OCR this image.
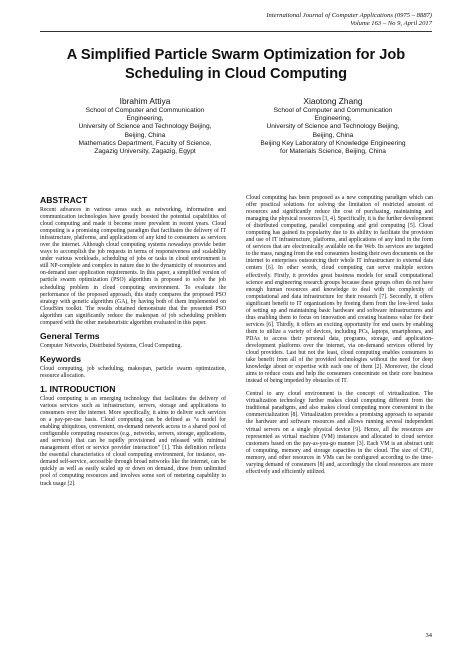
International Journal of Computer Applications (0975 – 8887)
Volume 163 – No 9, April 2017
A Simplified Particle Swarm Optimization for Job
Scheduling in Cloud Computing
Ibrahim Attiya
School of Computer and Communication
Engineering,
University of Science and Technology Beijing,
Beijing, China
Mathematics Department, Faculty of Science,
Zagazig University, Zagazig, Egypt
Xiaotong Zhang
School of Computer and Communication
Engineering,
University of Science and Technology Beijing,
Beijing, China
Beijing Key Laboratory of Knowledge Engineering
for Materials Science, Beijing, China
ABSTRACT

Recent advances in various areas such as networking, information and communication technologies have greatly boosted the potential capabilities of cloud computing and made it become more prevalent in recent years. Cloud computing is a promising computing paradigm that facilitates the delivery of IT infrastructure, platforms, and applications of any kind to consumers as services over the internet. Although cloud computing systems nowadays provide better ways to accomplish the job requests in terms of responsiveness and scalability under various workloads, scheduling of jobs or tasks in cloud environment is still NP-complete and complex in nature due to the dynamicity of resources and on-demand user application requirements. In this paper, a simplified version of particle swarm optimization (PSO) algorithm is proposed to solve the job scheduling problem in cloud computing environment. To evaluate the performance of the proposed approach, this study compares the proposed PSO strategy with genetic algorithm (GA), by having both of them implemented on CloudSim toolkit. The results obtained demonstrate that the presented PSO algorithm can significantly reduce the makespan of job scheduling problem compared with the other metaheuristic algorithm evaluated in this paper.

General Terms

Computer Networks, Distributed Systems, Cloud Computing.

Keywords

Cloud computing, job scheduling, makespan, particle swarm optimization, resource allocation.

1. INTRODUCTION

Cloud computing is an emerging technology that facilitates the delivery of various services such as infrastructure, servers, storage and applications to consumers over the internet. More specifically, it aims to deliver such services on a pay-per-use basis. Cloud computing can be defined as “a model for enabling ubiquitous, convenient, on-demand network access to a shared pool of configurable computing resources (e.g., networks, servers, storage, applications, and services) that can be rapidly provisioned and released with minimal management effort or service provider interaction” [1]. This definition reflects the essential characteristics of cloud computing environment, for instance, on-demand self-service, accessible through broad networks like the internet, can be quickly as well as easily scaled up or down on demand, draw from unlimited pool of computing resources and involves some sort of metering capability to track usage [2].

Cloud computing has been proposed as a new computing paradigm which can offer practical solutions for solving the limitation of restricted amount of resources and significantly reduce the cost of purchasing, maintaining and managing the physical resources [3, 4]. Specifically, it is the further development of distributed computing, parallel computing and grid computing [5]. Cloud computing has gained its popularity due to its ability to facilitate the provision and use of IT infrastructure, platforms, and applications of any kind in the form of services that are electronically available on the Web. Its services are targeted to the mass, ranging from the end consumers hosting their own documents on the internet to enterprises outsourcing their whole IT infrastructure to external data centers [6]. In other words, cloud computing can serve multiple sectors effectively. Firstly, it provides great business models for small computational science and engineering research groups because these groups often do not have enough human resources and knowledge to deal with the complexity of computational and data infrastructure for their research [7]. Secondly, it offers significant benefit to IT organizations by freeing them from the low-level tasks of setting up and maintaining basic hardware and software infrastructures and thus enabling them to focus on innovation and creating business value for their services [6]. Thirdly, it offers an exciting opportunity for end users by enabling them to utilize a variety of devices, including PCs, laptops, smartphones, and PDAs to access their personal data, programs, storage, and application-development platforms over the internet, via on-demand services offered by cloud providers. Last but not the least, cloud computing enables consumers to take benefit from all of the provided technologies without the need for deep knowledge about or expertise with each one of them [2]. Moreover, the cloud aims to reduce costs and help the consumers concentrate on their core business instead of being impeded by obstacles of IT.

Central to any cloud environment is the concept of virtualization. The virtualization technology further makes cloud computing different from the traditional paradigms, and also makes cloud computing more convenient in the commercialization [8]. Virtualization provides a promising approach to separate the hardware and software resources and allows running several independent virtual servers on a single physical device [9]. Hence, all the resources are represented as virtual machine (VM) instances and allocated to cloud service customers based on the pay-as-you-go manner [3]. Each VM is an abstract unit of computing, memory and storage capacities in the cloud. The size of CPU, memory, and other resources in VMs can be configured according to the time-varying demand of consumers [8] and, accordingly the cloud resources are more effectively and efficiently utilized.

34
